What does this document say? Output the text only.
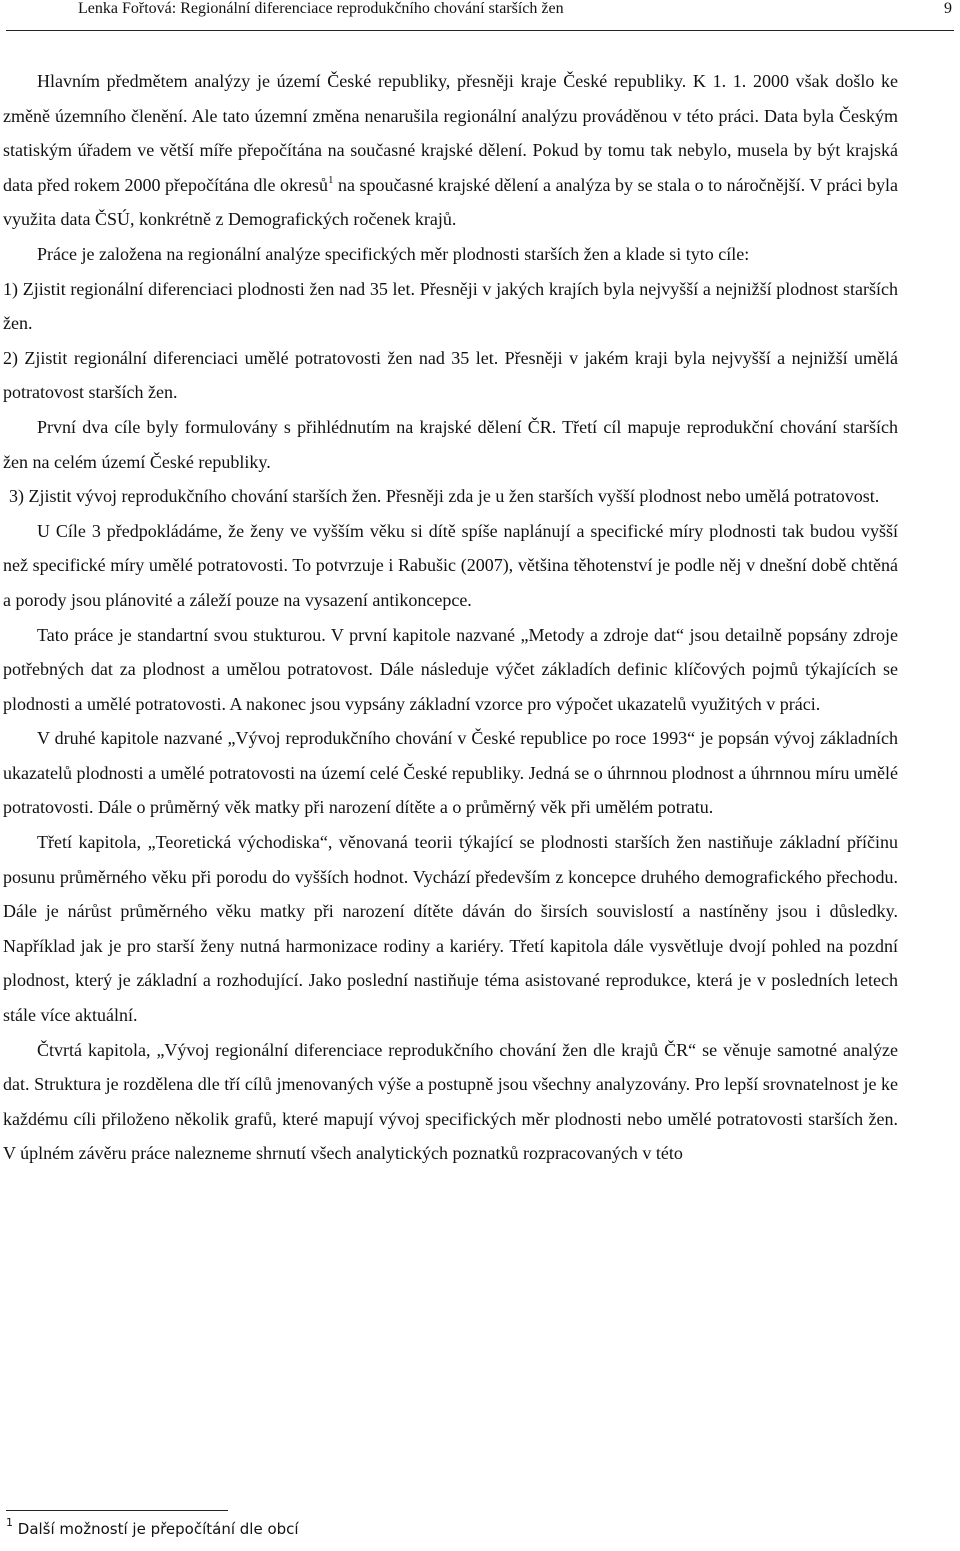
Lenka Fořtová: Regionální diferenciace reprodukčního chování starších žen	9

Hlavním předmětem analýzy je území České republiky, přesněji kraje České republiky. K 1. 1. 2000 však došlo ke změně územního členění. Ale tato územní změna nenarušila regionální analýzu prováděnou v této práci. Data byla Českým statiským úřadem ve větší míře přepočítána na současné krajské dělení. Pokud by tomu tak nebylo, musela by být krajská data před rokem 2000 přepočítána dle okresů$^1$ na spoučasné krajské dělení a analýza by se stala o to náročnější. V práci byla využita data ČSÚ, konkrétně z Demografických ročenek krajů.

Práce je založena na regionální analýze specifických měr plodnosti starších žen a klade si tyto cíle:

1) Zjistit regionální diferenciaci plodnosti žen nad 35 let. Přesněji v jakých krajích byla nejvyšší a nejnižší plodnost starších žen.

2) Zjistit regionální diferenciaci umělé potratovosti žen nad 35 let. Přesněji v jakém kraji byla nejvyšší a nejnižší umělá potratovost starších žen.

První dva cíle byly formulovány s přihlédnutím na krajské dělení ČR. Třetí cíl mapuje reprodukční chování starších žen na celém území České republiky.

3) Zjistit vývoj reprodukčního chování starších žen. Přesněji zda je u žen starších vyšší plodnost nebo umělá potratovost.

U Cíle 3 předpokládáme, že ženy ve vyšším věku si dítě spíše naplánují a specifické míry plodnosti tak budou vyšší než specifické míry umělé potratovosti. To potvrzuje i Rabušic (2007), většina těhotenství je podle něj v dnešní době chtěná a porody jsou plánovité a záleží pouze na vysazení antikoncepce.

Tato práce je standartní svou stukturou. V první kapitole nazvané „Metody a zdroje dat“ jsou detailně popsány zdroje potřebných dat za plodnost a umělou potratovost. Dále následuje výčet základích definic klíčových pojmů týkajících se plodnosti a umělé potratovosti. A nakonec jsou vypsány základní vzorce pro výpočet ukazatelů využitých v práci.

V druhé kapitole nazvané „Vývoj reprodukčního chování v České republice po roce 1993“ je popsán vývoj základních ukazatelů plodnosti a umělé potratovosti na území celé České republiky. Jedná se o úhrnnou plodnost a úhrnnou míru umělé potratovosti. Dále o průměrný věk matky při narození dítěte a o průměrný věk při umělém potratu.

Třetí kapitola, „Teoretická východiska“, věnovaná teorii týkající se plodnosti starších žen nastiňuje základní příčinu posunu průměrného věku při porodu do vyšších hodnot. Vychází především z koncepce druhého demografického přechodu. Dále je nárůst průměrného věku matky při narození dítěte dáván do širsích souvislostí a nastíněny jsou i důsledky. Například jak je pro starší ženy nutná harmonizace rodiny a kariéry. Třetí kapitola dále vysvětluje dvojí pohled na pozdní plodnost, který je základní a rozhodující. Jako poslední nastiňuje téma asistované reprodukce, která je v posledních letech stále více aktuální.

Čtvrtá kapitola, „Vývoj regionální diferenciace reprodukčního chování žen dle krajů ČR“ se věnuje samotné analýze dat. Struktura je rozdělena dle tří cílů jmenovaných výše a postupně jsou všechny analyzovány. Pro lepší srovnatelnost je ke každému cíli přiloženo několik grafů, které mapují vývoj specifických měr plodnosti nebo umělé potratovosti starších žen. V úplném závěru práce nalezneme shrnutí všech analytických poznatků rozpracovaných v této

$^1$ Další možností je přepočítání dle obcí
